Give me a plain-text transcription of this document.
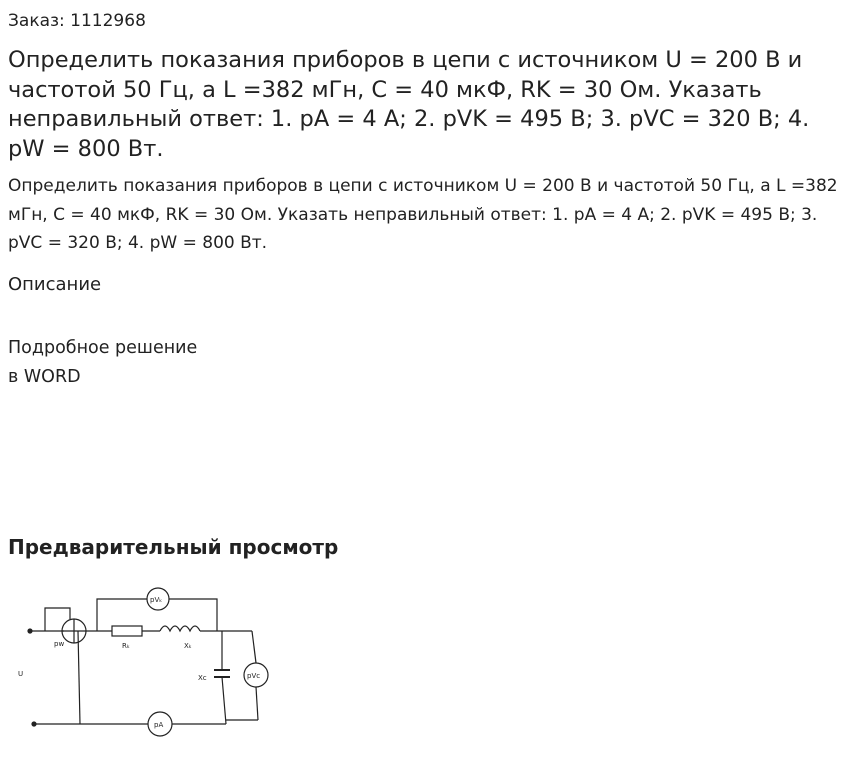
Заказ: 1112968

Определить показания приборов в цепи с источником U = 200 В и частотой 50 Гц, а L =382 мГн, C = 40 мкФ, RK = 30 Ом. Указать неправильный ответ: 1. pA = 4 А; 2. pVK = 495 В; 3. pVC = 320 В; 4. pW = 800 Вт.

Определить показания приборов в цепи с источником U = 200 В и частотой 50 Гц, а L =382 мГн, C = 40 мкФ, RK = 30 Ом. Указать неправильный ответ: 1. pA = 4 А; 2. pVK = 495 В; 3. pVC = 320 В; 4. pW = 800 Вт.

Описание

Подробное решение
в WORD

Предварительный просмотр
U
pw	Rₖ	Xₖ
pVₖ
Xc	pVc
pA
